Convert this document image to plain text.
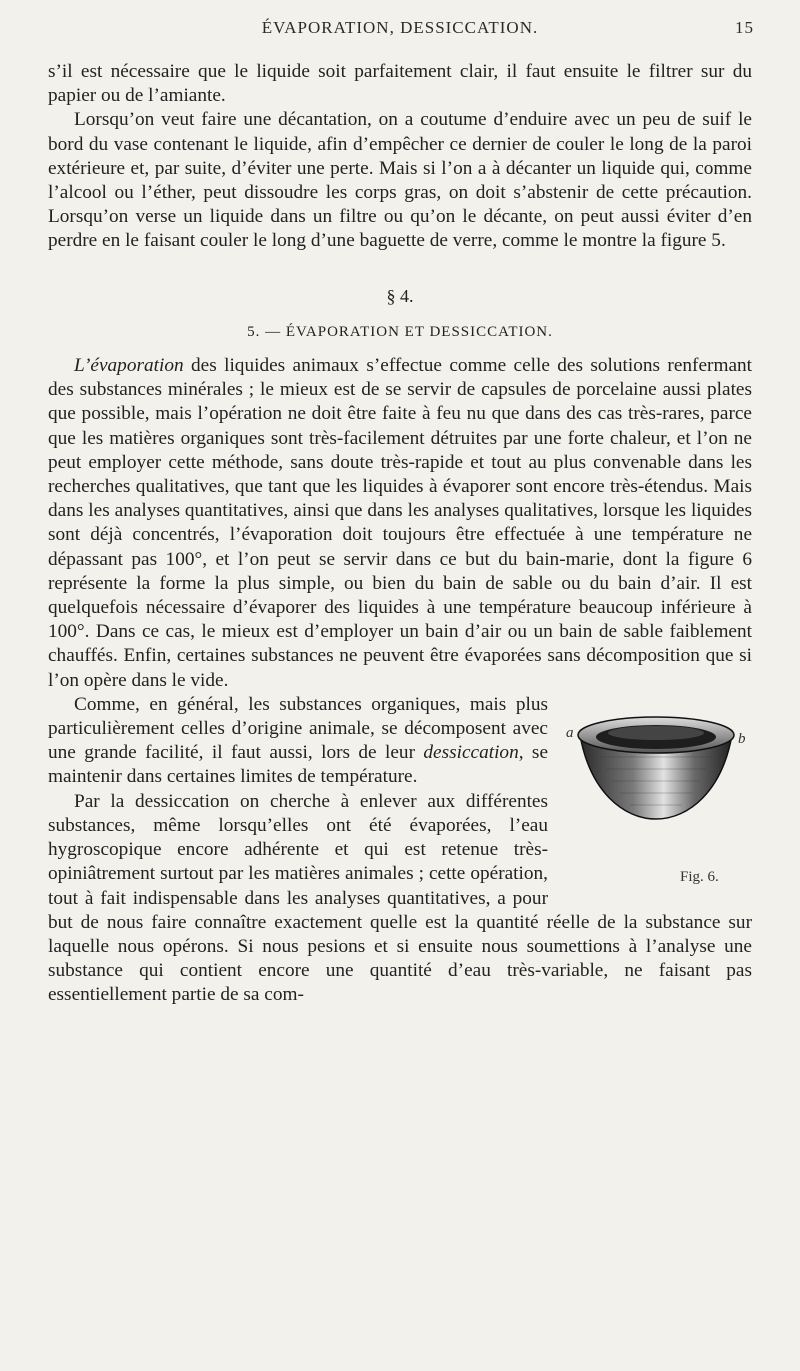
ÉVAPORATION, DESSICCATION.	15

s’il est nécessaire que le liquide soit parfaitement clair, il faut ensuite le filtrer sur du papier ou de l’amiante.

Lorsqu’on veut faire une décantation, on a coutume d’enduire avec un peu de suif le bord du vase contenant le liquide, afin d’empêcher ce dernier de couler le long de la paroi extérieure et, par suite, d’éviter une perte. Mais si l’on a à décanter un liquide qui, comme l’alcool ou l’éther, peut dissoudre les corps gras, on doit s’abstenir de cette précaution. Lorsqu’on verse un liquide dans un filtre ou qu’on le décante, on peut aussi éviter d’en perdre en le faisant couler le long d’une baguette de verre, comme le montre la figure 5.

§ 4.

5. — ÉVAPORATION ET DESSICCATION.

L’évaporation des liquides animaux s’effectue comme celle des solutions renfermant des substances minérales ; le mieux est de se servir de capsules de porcelaine aussi plates que possible, mais l’opération ne doit être faite à feu nu que dans des cas très-rares, parce que les matières organiques sont très-facilement détruites par une forte chaleur, et l’on ne peut employer cette méthode, sans doute très-rapide et tout au plus convenable dans les recherches qualitatives, que tant que les liquides à évaporer sont encore très-étendus. Mais dans les analyses quantitatives, ainsi que dans les analyses qualitatives, lorsque les liquides sont déjà concentrés, l’évaporation doit toujours être effectuée à une température ne dépassant pas 100°, et l’on peut se servir dans ce but du bain-marie, dont la figure 6 représente la forme la plus simple, ou bien du bain de sable ou du bain d’air. Il est quelquefois nécessaire d’évaporer des liquides à une température beaucoup inférieure à 100°. Dans ce cas, le mieux est d’employer un bain d’air ou un bain de sable faiblement chauffés. Enfin, certaines substances ne peuvent être évaporées sans décomposition que si l’on opère dans le vide.

a	b
Fig. 6.

Comme, en général, les substances organiques, mais plus particulièrement celles d’origine animale, se décomposent avec une grande facilité, il faut aussi, lors de leur dessiccation, se maintenir dans certaines limites de température.

Par la dessiccation on cherche à enlever aux différentes substances, même lorsqu’elles ont été évaporées, l’eau hygroscopique encore adhérente et qui est retenue très-opiniâtrement surtout par les matières animales ; cette opération, tout à fait indispensable dans les analyses quantitatives, a pour but de nous faire connaître exactement quelle est la quantité réelle de la substance sur laquelle nous opérons. Si nous pesions et si ensuite nous soumettions à l’analyse une substance qui contient encore une quantité d’eau très-variable, ne faisant pas essentiellement partie de sa com-
